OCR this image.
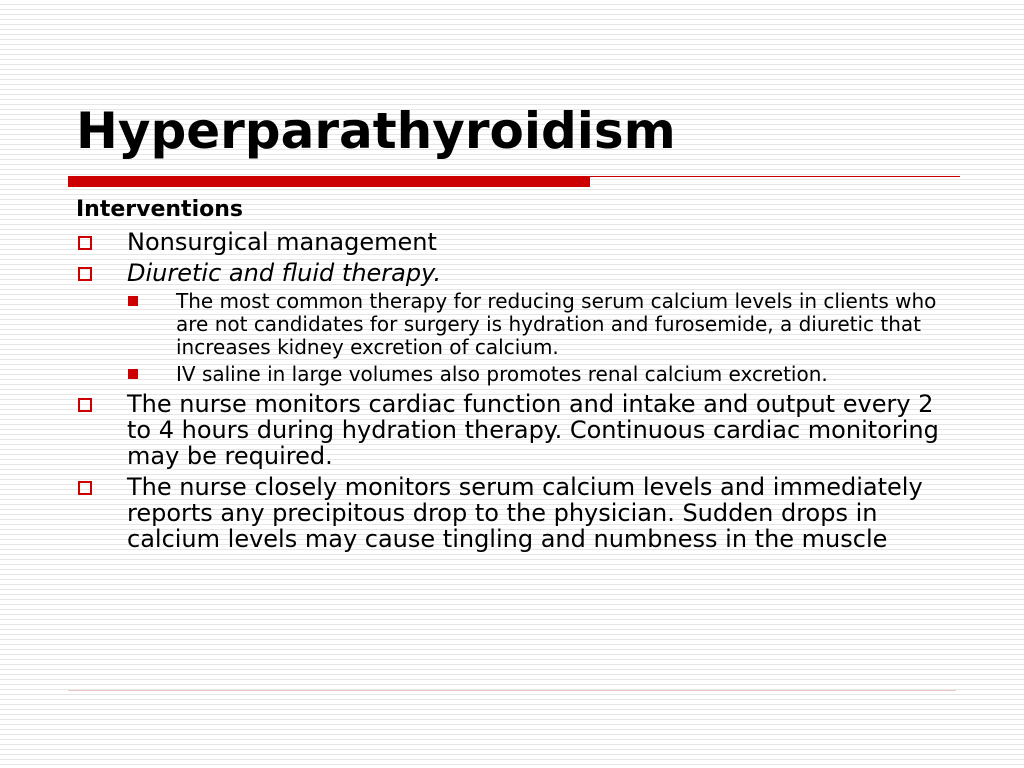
Hyperparathyroidism
Interventions
Nonsurgical management
Diuretic and fluid therapy.
The most common therapy for reducing serum calcium levels in clients who are not candidates for surgery is hydration and furosemide, a diuretic that increases kidney excretion of calcium.
IV saline in large volumes also promotes renal calcium excretion.
The nurse monitors cardiac function and intake and output every 2 to 4 hours during hydration therapy. Continuous cardiac monitoring may be required.
The nurse closely monitors serum calcium levels and immediately reports any precipitous drop to the physician. Sudden drops in calcium levels may cause tingling and numbness in the muscle
